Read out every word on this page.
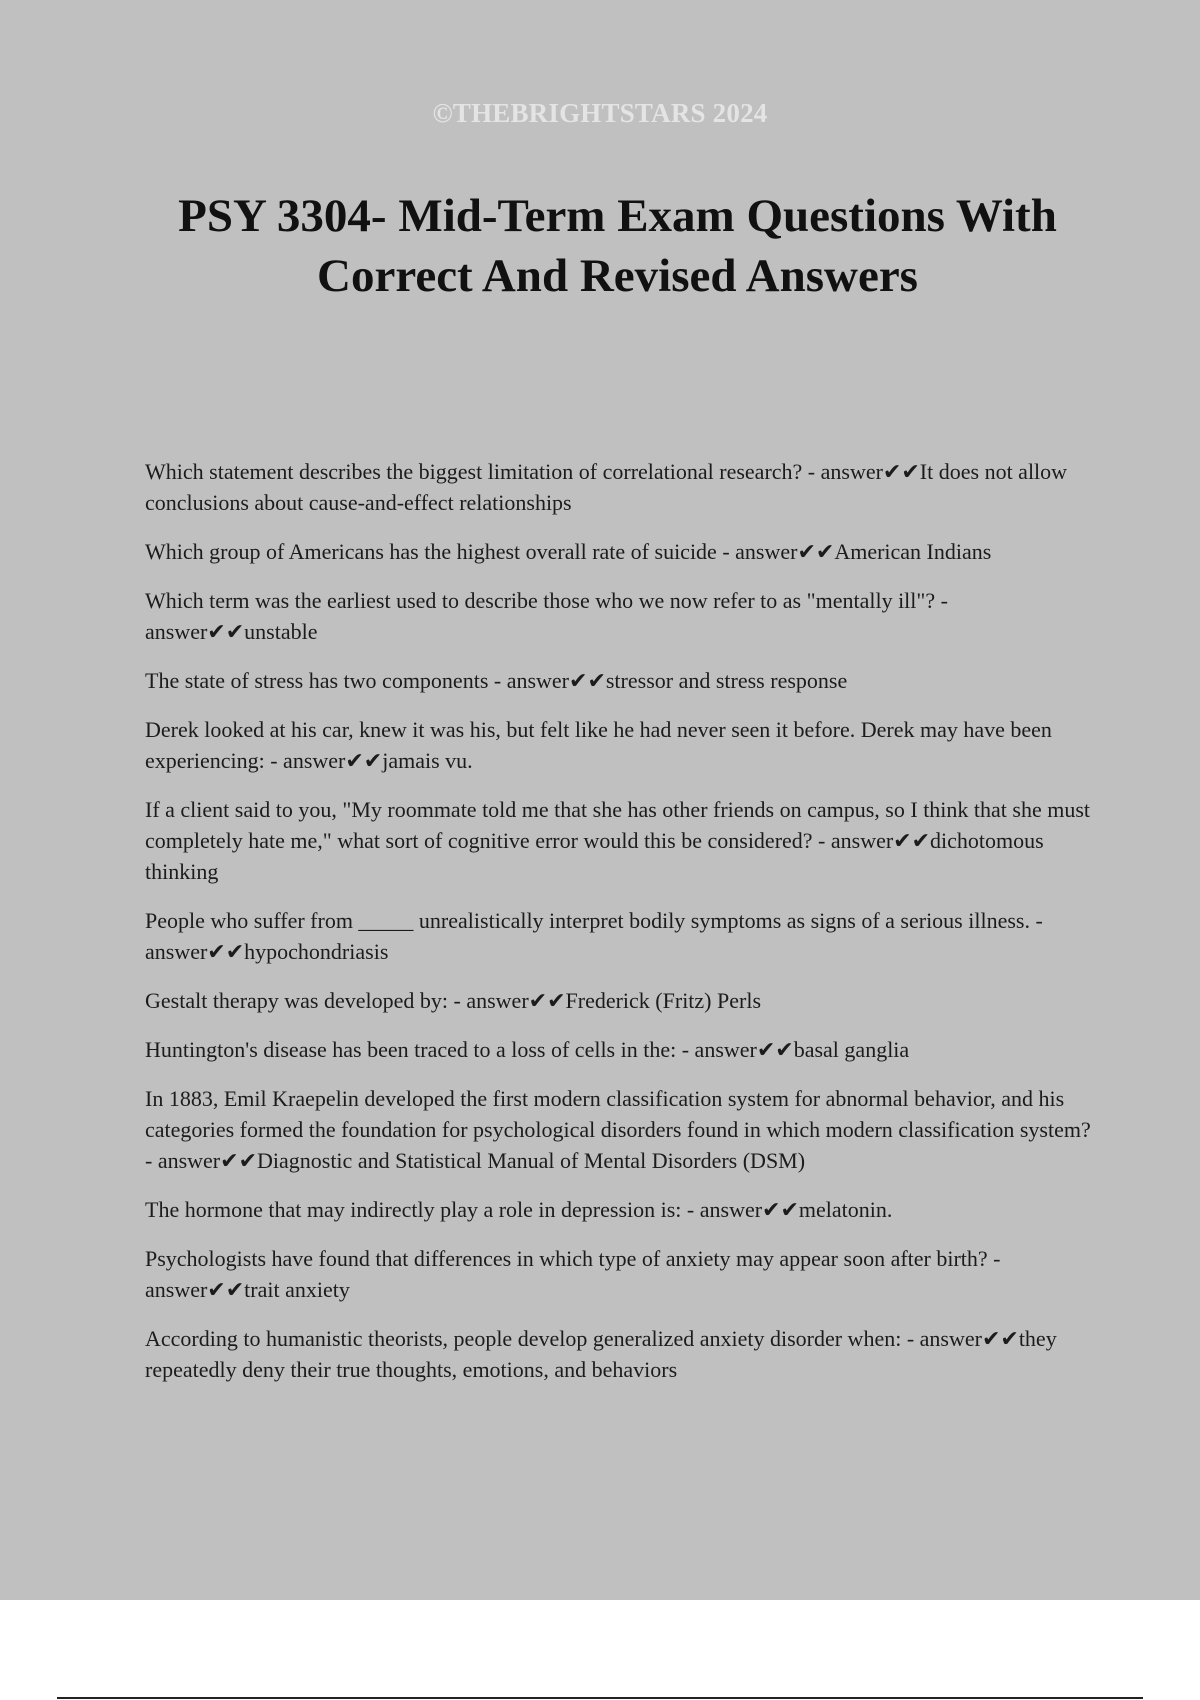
©THEBRIGHTSTARS 2024
PSY 3304- Mid-Term Exam Questions With Correct And Revised Answers
Which statement describes the biggest limitation of correlational research? - answer✔✔It does not allow conclusions about cause-and-effect relationships
Which group of Americans has the highest overall rate of suicide - answer✔✔American Indians
Which term was the earliest used to describe those who we now refer to as "mentally ill"? - answer✔✔unstable
The state of stress has two components - answer✔✔stressor and stress response
Derek looked at his car, knew it was his, but felt like he had never seen it before. Derek may have been experiencing: - answer✔✔jamais vu.
If a client said to you, "My roommate told me that she has other friends on campus, so I think that she must completely hate me," what sort of cognitive error would this be considered? - answer✔✔dichotomous thinking
People who suffer from _____ unrealistically interpret bodily symptoms as signs of a serious illness. - answer✔✔hypochondriasis
Gestalt therapy was developed by: - answer✔✔Frederick (Fritz) Perls
Huntington's disease has been traced to a loss of cells in the: - answer✔✔basal ganglia
In 1883, Emil Kraepelin developed the first modern classification system for abnormal behavior, and his categories formed the foundation for psychological disorders found in which modern classification system? - answer✔✔Diagnostic and Statistical Manual of Mental Disorders (DSM)
The hormone that may indirectly play a role in depression is: - answer✔✔melatonin.
Psychologists have found that differences in which type of anxiety may appear soon after birth? - answer✔✔trait anxiety
According to humanistic theorists, people develop generalized anxiety disorder when: - answer✔✔they repeatedly deny their true thoughts, emotions, and behaviors
